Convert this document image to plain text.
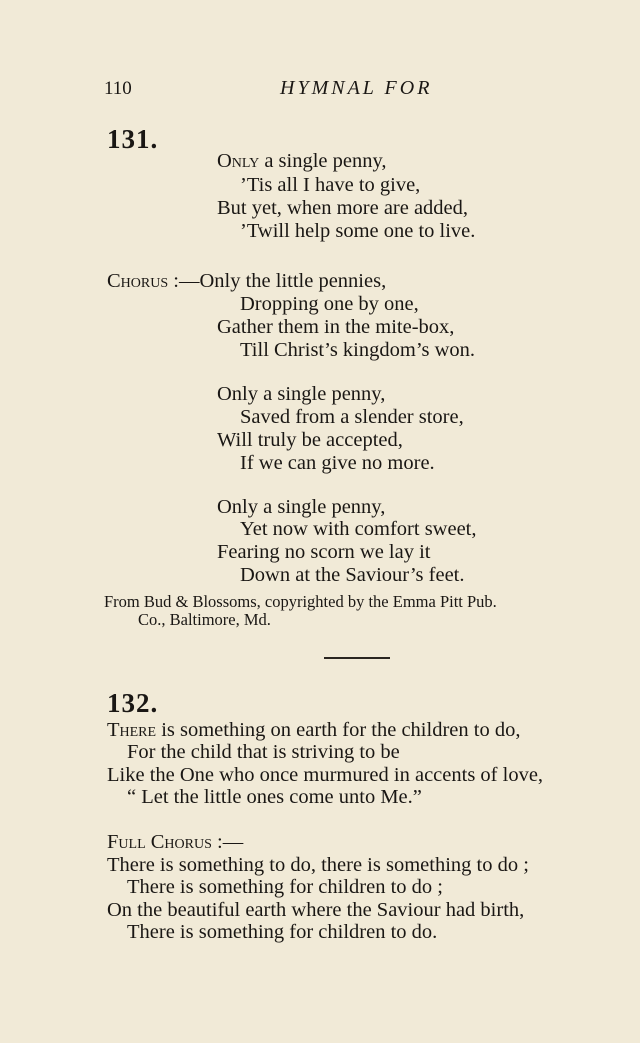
110	HYMNAL FOR
131.
Only a single penny,
’Tis all I have to give,
But yet, when more are added,
’Twill help some one to live.
Chorus :—Only the little pennies,
Dropping one by one,
Gather them in the mite-box,
Till Christ’s kingdom’s won.
Only a single penny,
Saved from a slender store,
Will truly be accepted,
If we can give no more.
Only a single penny,
Yet now with comfort sweet,
Fearing no scorn we lay it
Down at the Saviour’s feet.
From Bud & Blossoms, copyrighted by the Emma Pitt Pub.
Co., Baltimore, Md.
132.
There is something on earth for the children to do,
For the child that is striving to be
Like the One who once murmured in accents of love,
“ Let the little ones come unto Me.”
Full Chorus :—
There is something to do, there is something to do ;
There is something for children to do ;
On the beautiful earth where the Saviour had birth,
There is something for children to do.
